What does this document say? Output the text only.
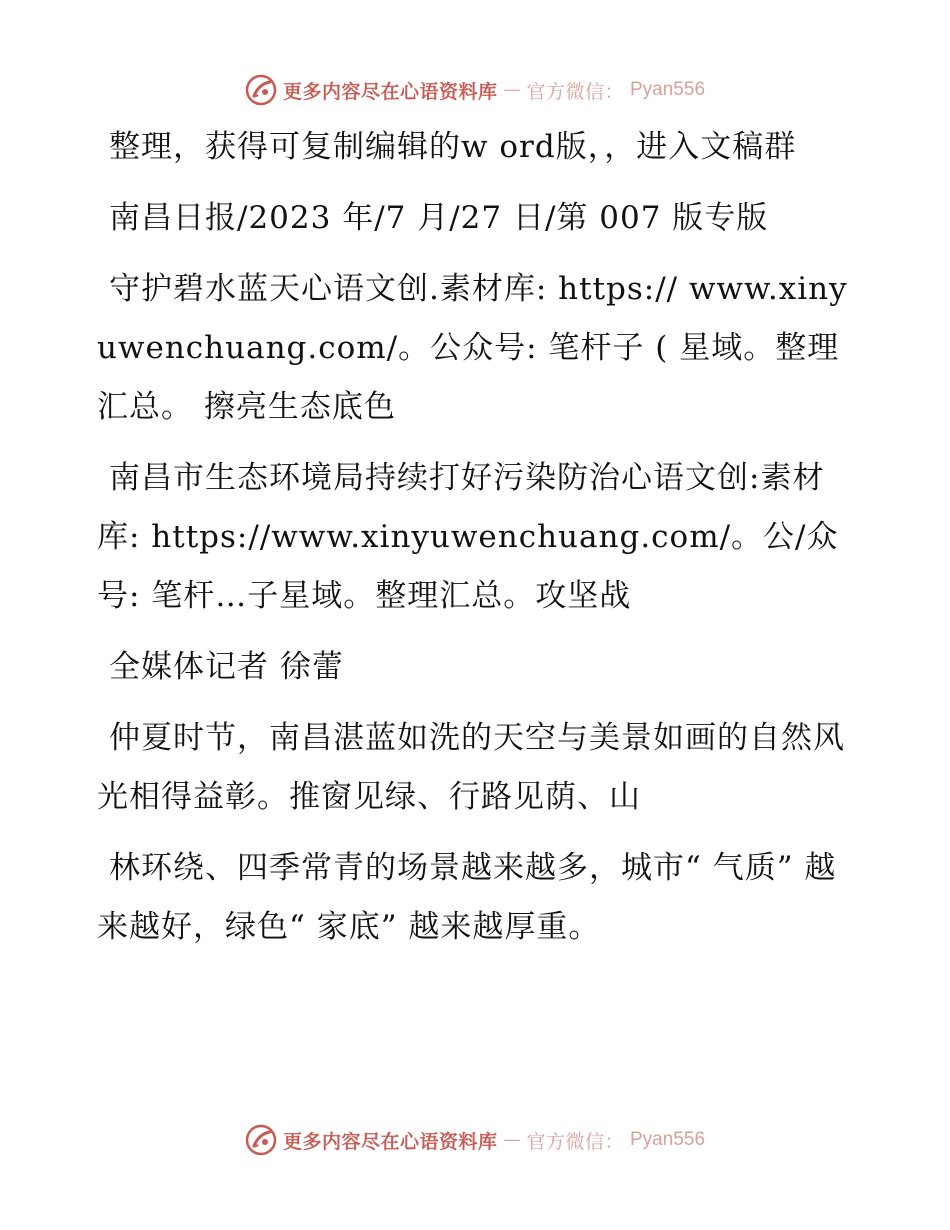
更多内容尽在心语资料库 — 官方微信： Pyan556

整理，获得可复制编辑的w ord版，，进入文稿群

南昌日报/2023 年/7 月/27 日/第 007 版专版

守护碧水蓝天心语文创.素材库: https:// www.xinyuwenchuang.com/。公众号: 笔杆子 ( 星域。整理汇总。 擦亮生态底色

南昌市生态环境局持续打好污染防治心语文创:素材库: https://www.xinyuwenchuang.com/。公/众号: 笔杆…子星域。整理汇总。攻坚战

全媒体记者 徐蕾

仲夏时节，南昌湛蓝如洗的天空与美景如画的自然风光相得益彰。推窗见绿、行路见荫、山

林环绕、四季常青的场景越来越多，城市“ 气质” 越来越好，绿色“ 家底” 越来越厚重。

更多内容尽在心语资料库 — 官方微信： Pyan556
